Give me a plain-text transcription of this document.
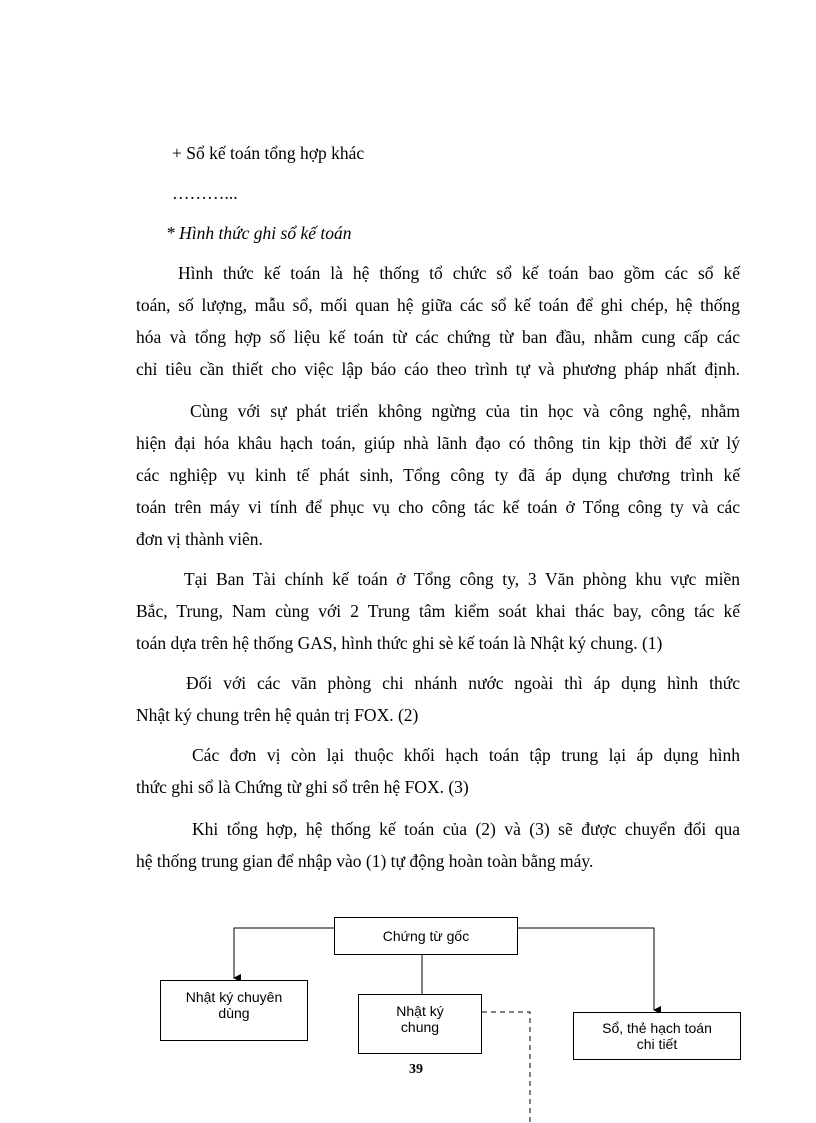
+ Sổ kế toán tổng hợp khác
………...
* Hình thức ghi sổ kế toán
Hình thức kế toán là hệ thống tổ chức sổ kế toán bao gồm các sổ kế
toán, số lượng, mẫu sổ, mối quan hệ giữa các sổ kế toán để ghi chép, hệ thống
hóa và tổng hợp số liệu kế toán từ các chứng từ ban đầu, nhằm cung cấp các
chỉ tiêu cần thiết cho việc lập báo cáo theo trình tự và phương pháp nhất định.
Cùng với sự phát triển không ngừng của tin học và công nghệ, nhằm
hiện đại hóa khâu hạch toán, giúp nhà lãnh đạo có thông tin kịp thời để xử lý
các nghiệp vụ kinh tế phát sinh, Tổng công ty đã áp dụng chương trình kế
toán trên máy vi tính để phục vụ cho công tác kế toán ở Tổng công ty và các
đơn vị thành viên.
Tại Ban Tài chính kế toán ở Tổng công ty, 3 Văn phòng khu vực miền
Bắc, Trung, Nam cùng với 2 Trung tâm kiểm soát khai thác bay, công tác kế
toán dựa trên hệ thống GAS, hình thức ghi sè kế toán là Nhật ký chung. (1)
Đối với các văn phòng chi nhánh nước ngoài thì áp dụng hình thức
Nhật ký chung trên hệ quản trị FOX. (2)
Các đơn vị còn lại thuộc khối hạch toán tập trung lại áp dụng hình
thức ghi sổ là Chứng từ ghi sổ trên hệ FOX. (3)
Khi tổng hợp, hệ thống kế toán của (2) và (3) sẽ được chuyển đổi qua
hệ thống trung gian để nhập vào (1) tự động hoàn toàn bằng máy.
Chứng từ gốc
Nhật ký chuyên
dùng	Nhật ký
chung	Sổ, thẻ hạch toán
chi tiết
39
